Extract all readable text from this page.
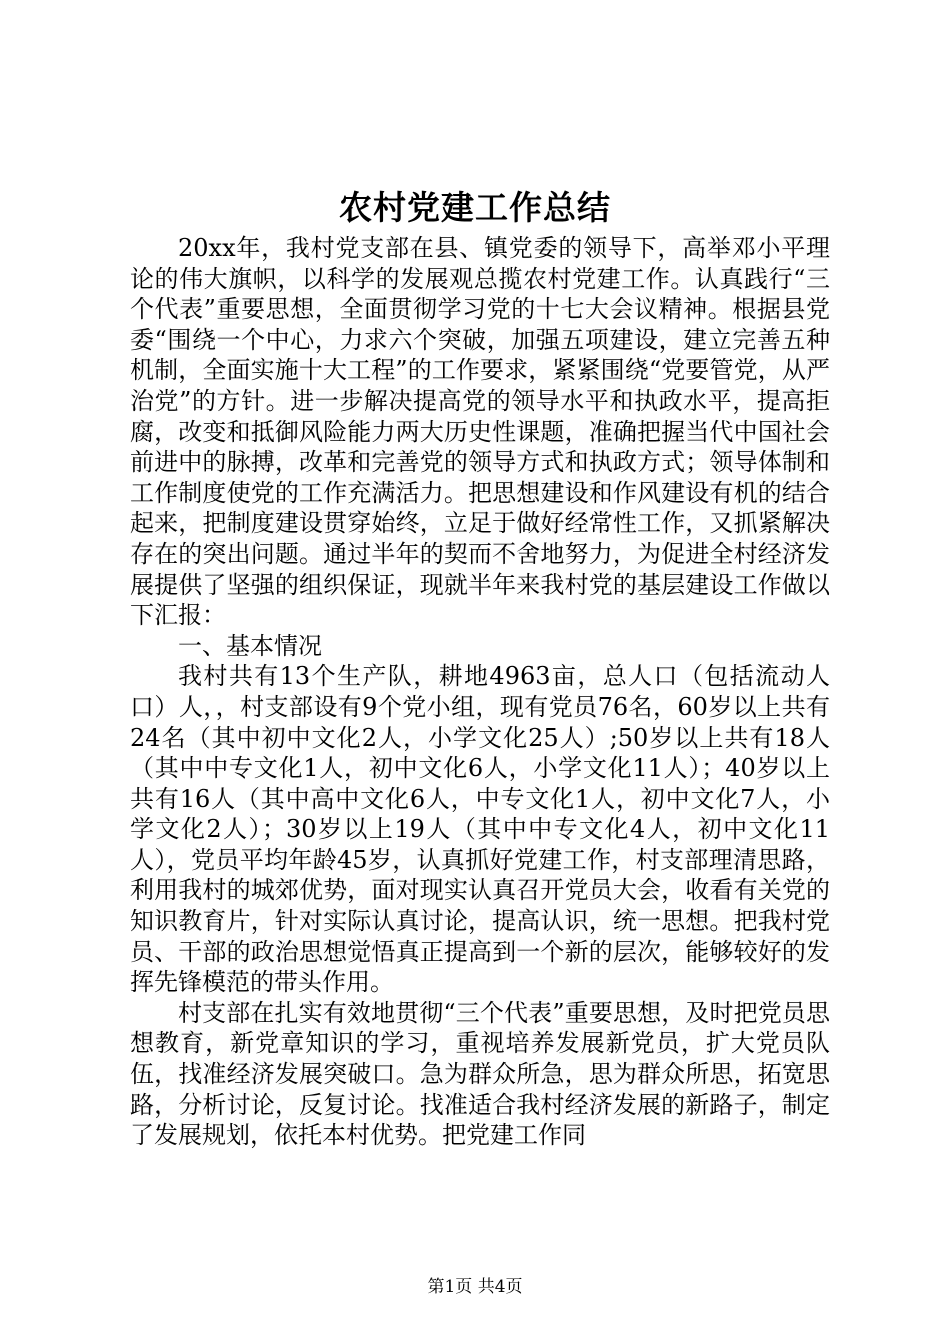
农村党建工作总结

20xx年，我村党支部在县、镇党委的领导下，高举邓小平理论的伟大旗帜，以科学的发展观总揽农村党建工作。认真践行“三个代表”重要思想，全面贯彻学习党的十七大会议精神。根据县党委“围绕一个中心，力求六个突破，加强五项建设，建立完善五种机制，全面实施十大工程”的工作要求，紧紧围绕“党要管党，从严治党”的方针。进一步解决提高党的领导水平和执政水平，提高拒腐，改变和抵御风险能力两大历史性课题，准确把握当代中国社会前进中的脉搏，改革和完善党的领导方式和执政方式；领导体制和工作制度使党的工作充满活力。把思想建设和作风建设有机的结合起来，把制度建设贯穿始终，立足于做好经常性工作，又抓紧解决存在的突出问题。通过半年的契而不舍地努力，为促进全村经济发展提供了坚强的组织保证，现就半年来我村党的基层建设工作做以下汇报：

一、基本情况

我村共有13个生产队，耕地4963亩，总人口（包括流动人口）人，，村支部设有9个党小组，现有党员76名，60岁以上共有24名（其中初中文化2人，小学文化25人）;50岁以上共有18人（其中中专文化1人，初中文化6人，小学文化11人）；40岁以上共有16人（其中高中文化6人，中专文化1人，初中文化7人，小学文化2人）；30岁以上19人（其中中专文化4人，初中文化11人），党员平均年龄45岁，认真抓好党建工作，村支部理清思路，利用我村的城郊优势，面对现实认真召开党员大会，收看有关党的知识教育片，针对实际认真讨论，提高认识，统一思想。把我村党员、干部的政治思想觉悟真正提高到一个新的层次，能够较好的发挥先锋模范的带头作用。

村支部在扎实有效地贯彻“三个代表”重要思想，及时把党员思想教育，新党章知识的学习，重视培养发展新党员，扩大党员队伍，找准经济发展突破口。急为群众所急，思为群众所思，拓宽思路，分析讨论，反复讨论。找准适合我村经济发展的新路子，制定了发展规划，依托本村优势。把党建工作同

第1页 共4页
